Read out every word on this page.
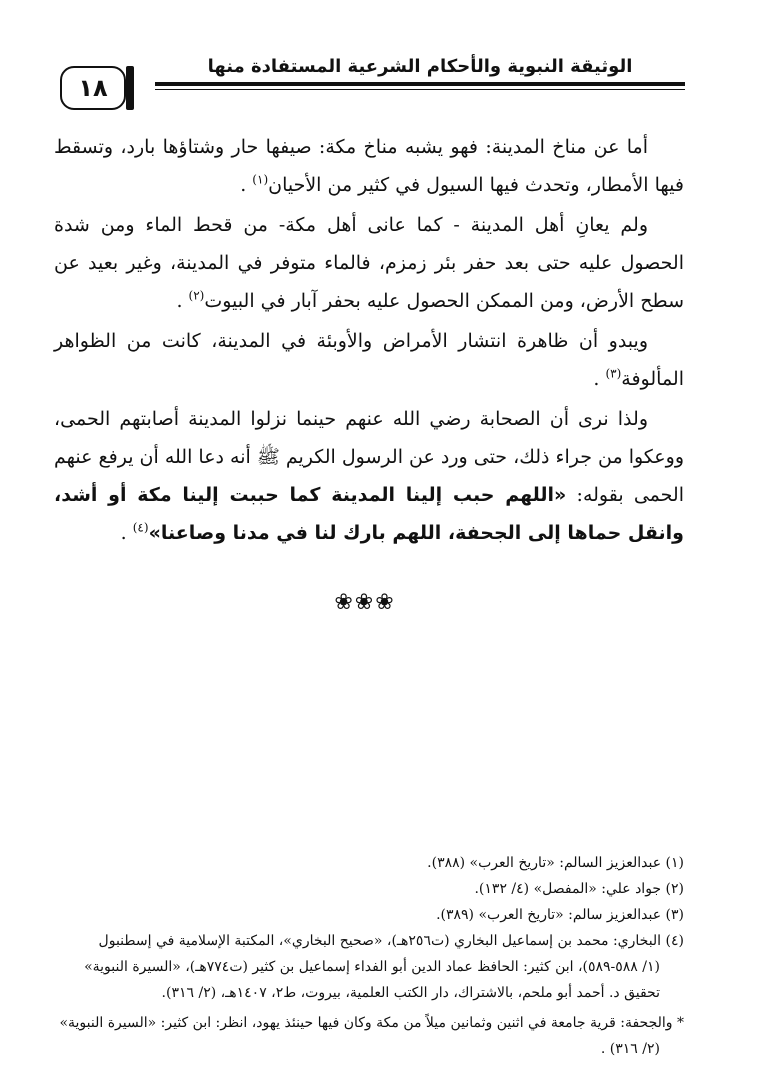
الوثيقة النبوية والأحكام الشرعية المستفادة منها
١٨

أما عن مناخ المدينة: فهو يشبه مناخ مكة: صيفها حار وشتاؤها بارد، وتسقط فيها الأمطار، وتحدث فيها السيول في كثير من الأحيان$^{(١)}$ .

ولم يعانِ أهل المدينة - كما عانى أهل مكة- من قحط الماء ومن شدة الحصول عليه حتى بعد حفر بئر زمزم، فالماء متوفر في المدينة، وغير بعيد عن سطح الأرض، ومن الممكن الحصول عليه بحفر آبار في البيوت$^{(٢)}$ .

ويبدو أن ظاهرة انتشار الأمراض والأوبئة في المدينة، كانت من الظواهر المألوفة$^{(٣)}$ .

ولذا نرى أن الصحابة رضي الله عنهم حينما نزلوا المدينة أصابتهم الحمى، ووعكوا من جراء ذلك، حتى ورد عن الرسول الكريم ﷺ أنه دعا الله أن يرفع عنهم الحمى بقوله: «اللهم حبب إلينا المدينة كما حببت إلينا مكة أو أشد، وانقل حماها إلى الجحفة، اللهم بارك لنا في مدنا وصاعنا»$^{(٤)}$ .

❀❀❀

(١) عبدالعزيز السالم: «تاريخ العرب» (٣٨٨).

(٢) جواد علي: «المفصل» (٤/ ١٣٢).

(٣) عبدالعزيز سالم: «تاريخ العرب» (٣٨٩).

(٤) البخاري: محمد بن إسماعيل البخاري (ت٢٥٦هـ)، «صحيح البخاري»، المكتبة الإسلامية في إسطنبول

(١/ ٥٨٨-٥٨٩)، ابن كثير: الحافظ عماد الدين أبو الفداء إسماعيل بن كثير (ت٧٧٤هـ)، «السيرة النبوية»

تحقيق د. أحمد أبو ملحم، بالاشتراك، دار الكتب العلمية، بيروت، ط٢، ١٤٠٧هـ، (٢/ ٣١٦).

* والجحفة: قرية جامعة في اثنين وثمانين ميلاً من مكة وكان فيها حينئذ يهود، انظر: ابن كثير: «السيرة النبوية»

(٢/ ٣١٦) .
